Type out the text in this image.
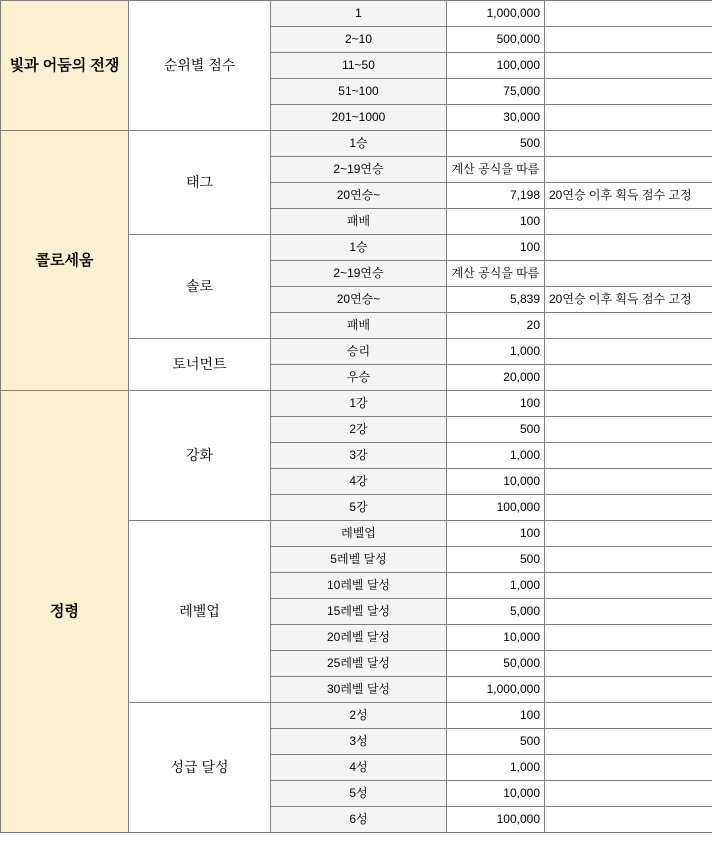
빛과 어둠의 전쟁	순위별 점수	1	1,000,000	
		2~10	500,000	
		11~50	100,000	
		51~100	75,000	
		201~1000	30,000	
콜로세움	태그	1승	500	
		2~19연승	계산 공식을 따름	
		20연승~	7,198	20연승 이후 획득 점수 고정
		패배	100	
	솔로	1승	100	
		2~19연승	계산 공식을 따름	
		20연승~	5,839	20연승 이후 획득 점수 고정
		패배	20	
	토너먼트	승리	1,000	
		우승	20,000	
정령	강화	1강	100	
		2강	500	
		3강	1,000	
		4강	10,000	
		5강	100,000	
	레벨업	레벨업	100	
		5레벨 달성	500	
		10레벨 달성	1,000	
		15레벨 달성	5,000	
		20레벨 달성	10,000	
		25레벨 달성	50,000	
		30레벨 달성	1,000,000	
	성급 달성	2성	100	
		3성	500	
		4성	1,000	
		5성	10,000	
		6성	100,000	
